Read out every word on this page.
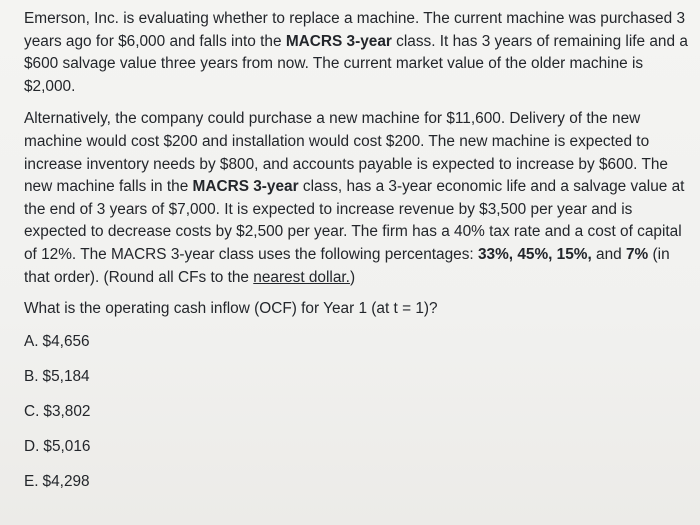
Emerson, Inc. is evaluating whether to replace a machine. The current machine was purchased 3 years ago for $6,000 and falls into the MACRS 3-year class. It has 3 years of remaining life and a $600 salvage value three years from now. The current market value of the older machine is $2,000.

Alternatively, the company could purchase a new machine for $11,600. Delivery of the new machine would cost $200 and installation would cost $200. The new machine is expected to increase inventory needs by $800, and accounts payable is expected to increase by $600. The new machine falls in the MACRS 3-year class, has a 3-year economic life and a salvage value at the end of 3 years of $7,000. It is expected to increase revenue by $3,500 per year and is expected to decrease costs by $2,500 per year. The firm has a 40% tax rate and a cost of capital of 12%. The MACRS 3-year class uses the following percentages: 33%, 45%, 15%, and 7% (in that order). (Round all CFs to the nearest dollar.)

What is the operating cash inflow (OCF) for Year 1 (at t = 1)?

A. $4,656
B. $5,184
C. $3,802
D. $5,016
E. $4,298
